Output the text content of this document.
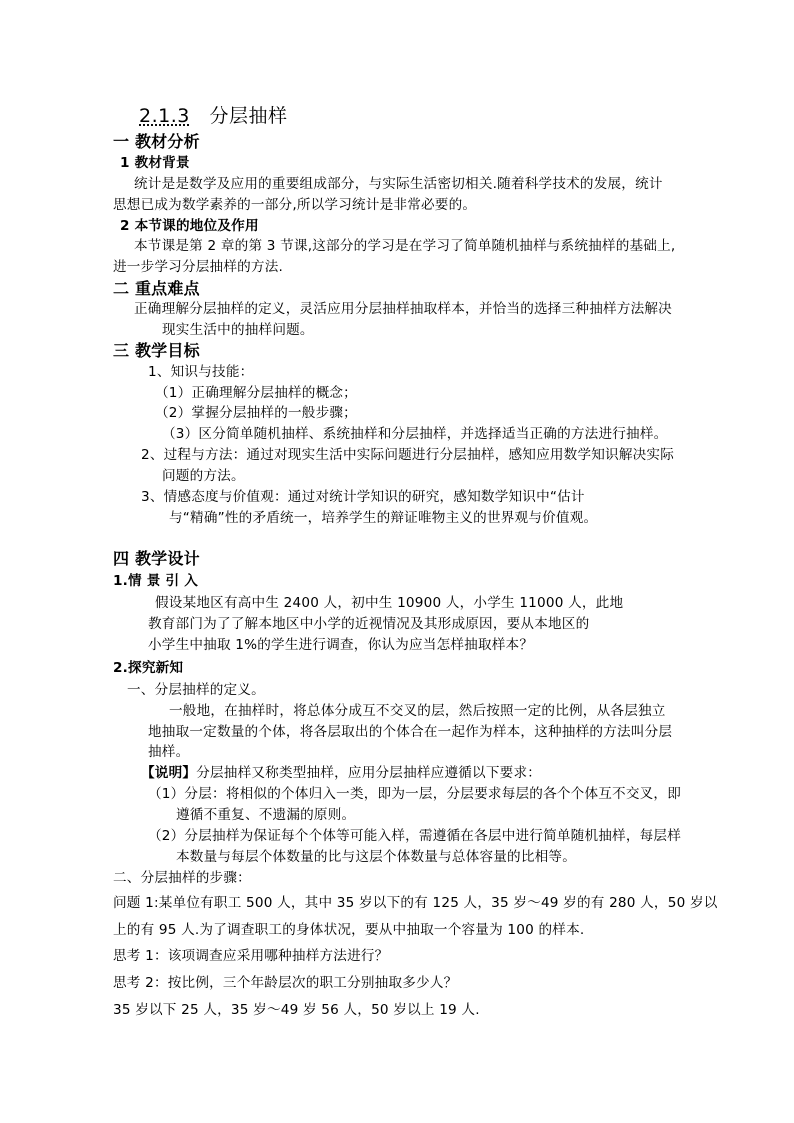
2.1.3 分层抽样
一 教材分析
1 教材背景
统计是是数学及应用的重要组成部分，与实际生活密切相关.随着科学技术的发展，统计
思想已成为数学素养的一部分,所以学习统计是非常必要的。
2 本节课的地位及作用
本节课是第 2 章的第 3 节课,这部分的学习是在学习了简单随机抽样与系统抽样的基础上,
进一步学习分层抽样的方法.
二 重点难点
正确理解分层抽样的定义，灵活应用分层抽样抽取样本，并恰当的选择三种抽样方法解决
现实生活中的抽样问题。
三 教学目标
1、知识与技能：
（1）正确理解分层抽样的概念；
（2）掌握分层抽样的一般步骤；
（3）区分简单随机抽样、系统抽样和分层抽样，并选择适当正确的方法进行抽样。
2、过程与方法：通过对现实生活中实际问题进行分层抽样，感知应用数学知识解决实际
问题的方法。
3、情感态度与价值观：通过对统计学知识的研究，感知数学知识中“估计
与“精确”性的矛盾统一，培养学生的辩证唯物主义的世界观与价值观。
四 教学设计
1.情 景 引 入
假设某地区有高中生 2400 人，初中生 10900 人，小学生 11000 人，此地
教育部门为了了解本地区中小学的近视情况及其形成原因，要从本地区的
小学生中抽取 1%的学生进行调查，你认为应当怎样抽取样本？
2.探究新知
一、分层抽样的定义。
一般地，在抽样时，将总体分成互不交叉的层，然后按照一定的比例，从各层独立
地抽取一定数量的个体，将各层取出的个体合在一起作为样本，这种抽样的方法叫分层
抽样。
【说明】分层抽样又称类型抽样，应用分层抽样应遵循以下要求：
（1）分层：将相似的个体归入一类，即为一层，分层要求每层的各个个体互不交叉，即
遵循不重复、不遗漏的原则。
（2）分层抽样为保证每个个体等可能入样，需遵循在各层中进行简单随机抽样，每层样
本数量与每层个体数量的比与这层个体数量与总体容量的比相等。
二、分层抽样的步骤：
问题 1:某单位有职工 500 人，其中 35 岁以下的有 125 人，35 岁～49 岁的有 280 人，50 岁以
上的有 95 人.为了调查职工的身体状况，要从中抽取一个容量为 100 的样本.
思考 1：该项调查应采用哪种抽样方法进行？
思考 2：按比例，三个年龄层次的职工分别抽取多少人？
35 岁以下 25 人，35 岁～49 岁 56 人，50 岁以上 19 人.
